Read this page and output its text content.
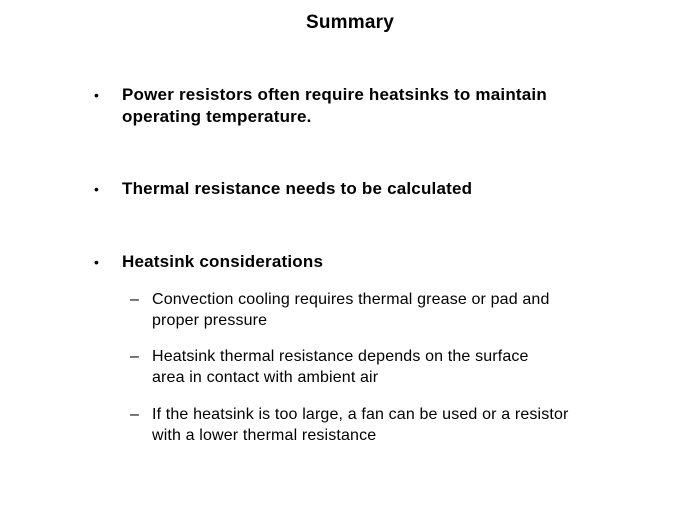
Summary
•	Power resistors often require heatsinks to maintain operating temperature.
•	Thermal resistance needs to be calculated
•	Heatsink considerations
– Convection cooling requires thermal grease or pad and proper pressure
– Heatsink thermal resistance depends on the surface area in contact with ambient air
– If the heatsink is too large, a fan can be used or a resistor with a lower thermal resistance
